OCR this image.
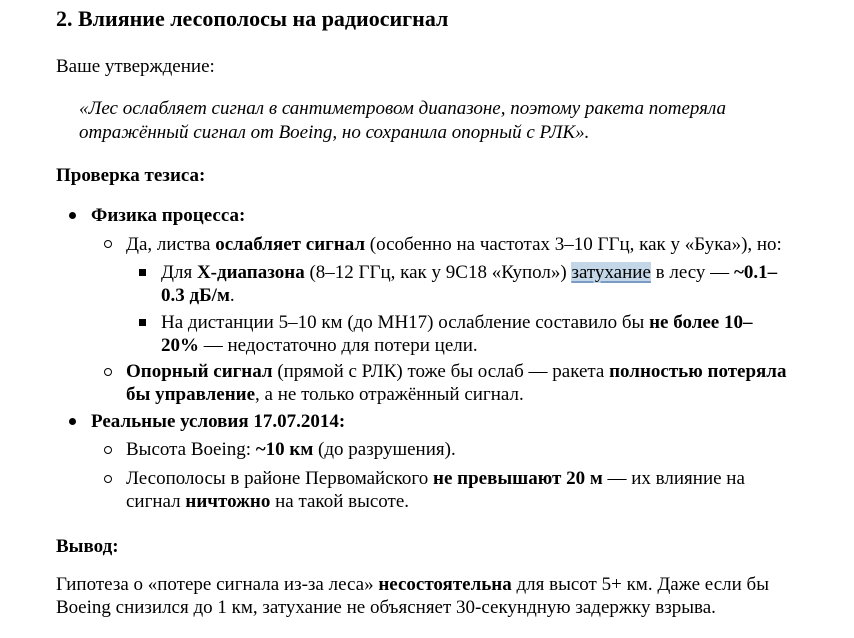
2. Влияние лесополосы на радиосигнал

Ваше утверждение:

«Лес ослабляет сигнал в сантиметровом диапазоне, поэтому ракета потеряла

отражённый сигнал от Boeing, но сохранила опорный с РЛК».

Проверка тезиса:

Физика процесса:

Да, листва ослабляет сигнал (особенно на частотах 3–10 ГГц, как у «Бука»), но:

Для X-диапазона (8–12 ГГц, как у 9С18 «Купол») затухание в лесу — ~0.1–

0.3 дБ/м.

На дистанции 5–10 км (до МН17) ослабление составило бы не более 10–

20% — недостаточно для потери цели.

Опорный сигнал (прямой с РЛК) тоже бы ослаб — ракета полностью потеряла

бы управление, а не только отражённый сигнал.

Реальные условия 17.07.2014:

Высота Boeing: ~10 км (до разрушения).

Лесополосы в районе Первомайского не превышают 20 м — их влияние на

сигнал ничтожно на такой высоте.

Вывод:

Гипотеза о «потере сигнала из-за леса» несостоятельна для высот 5+ км. Даже если бы

Boeing снизился до 1 км, затухание не объясняет 30-секундную задержку взрыва.
